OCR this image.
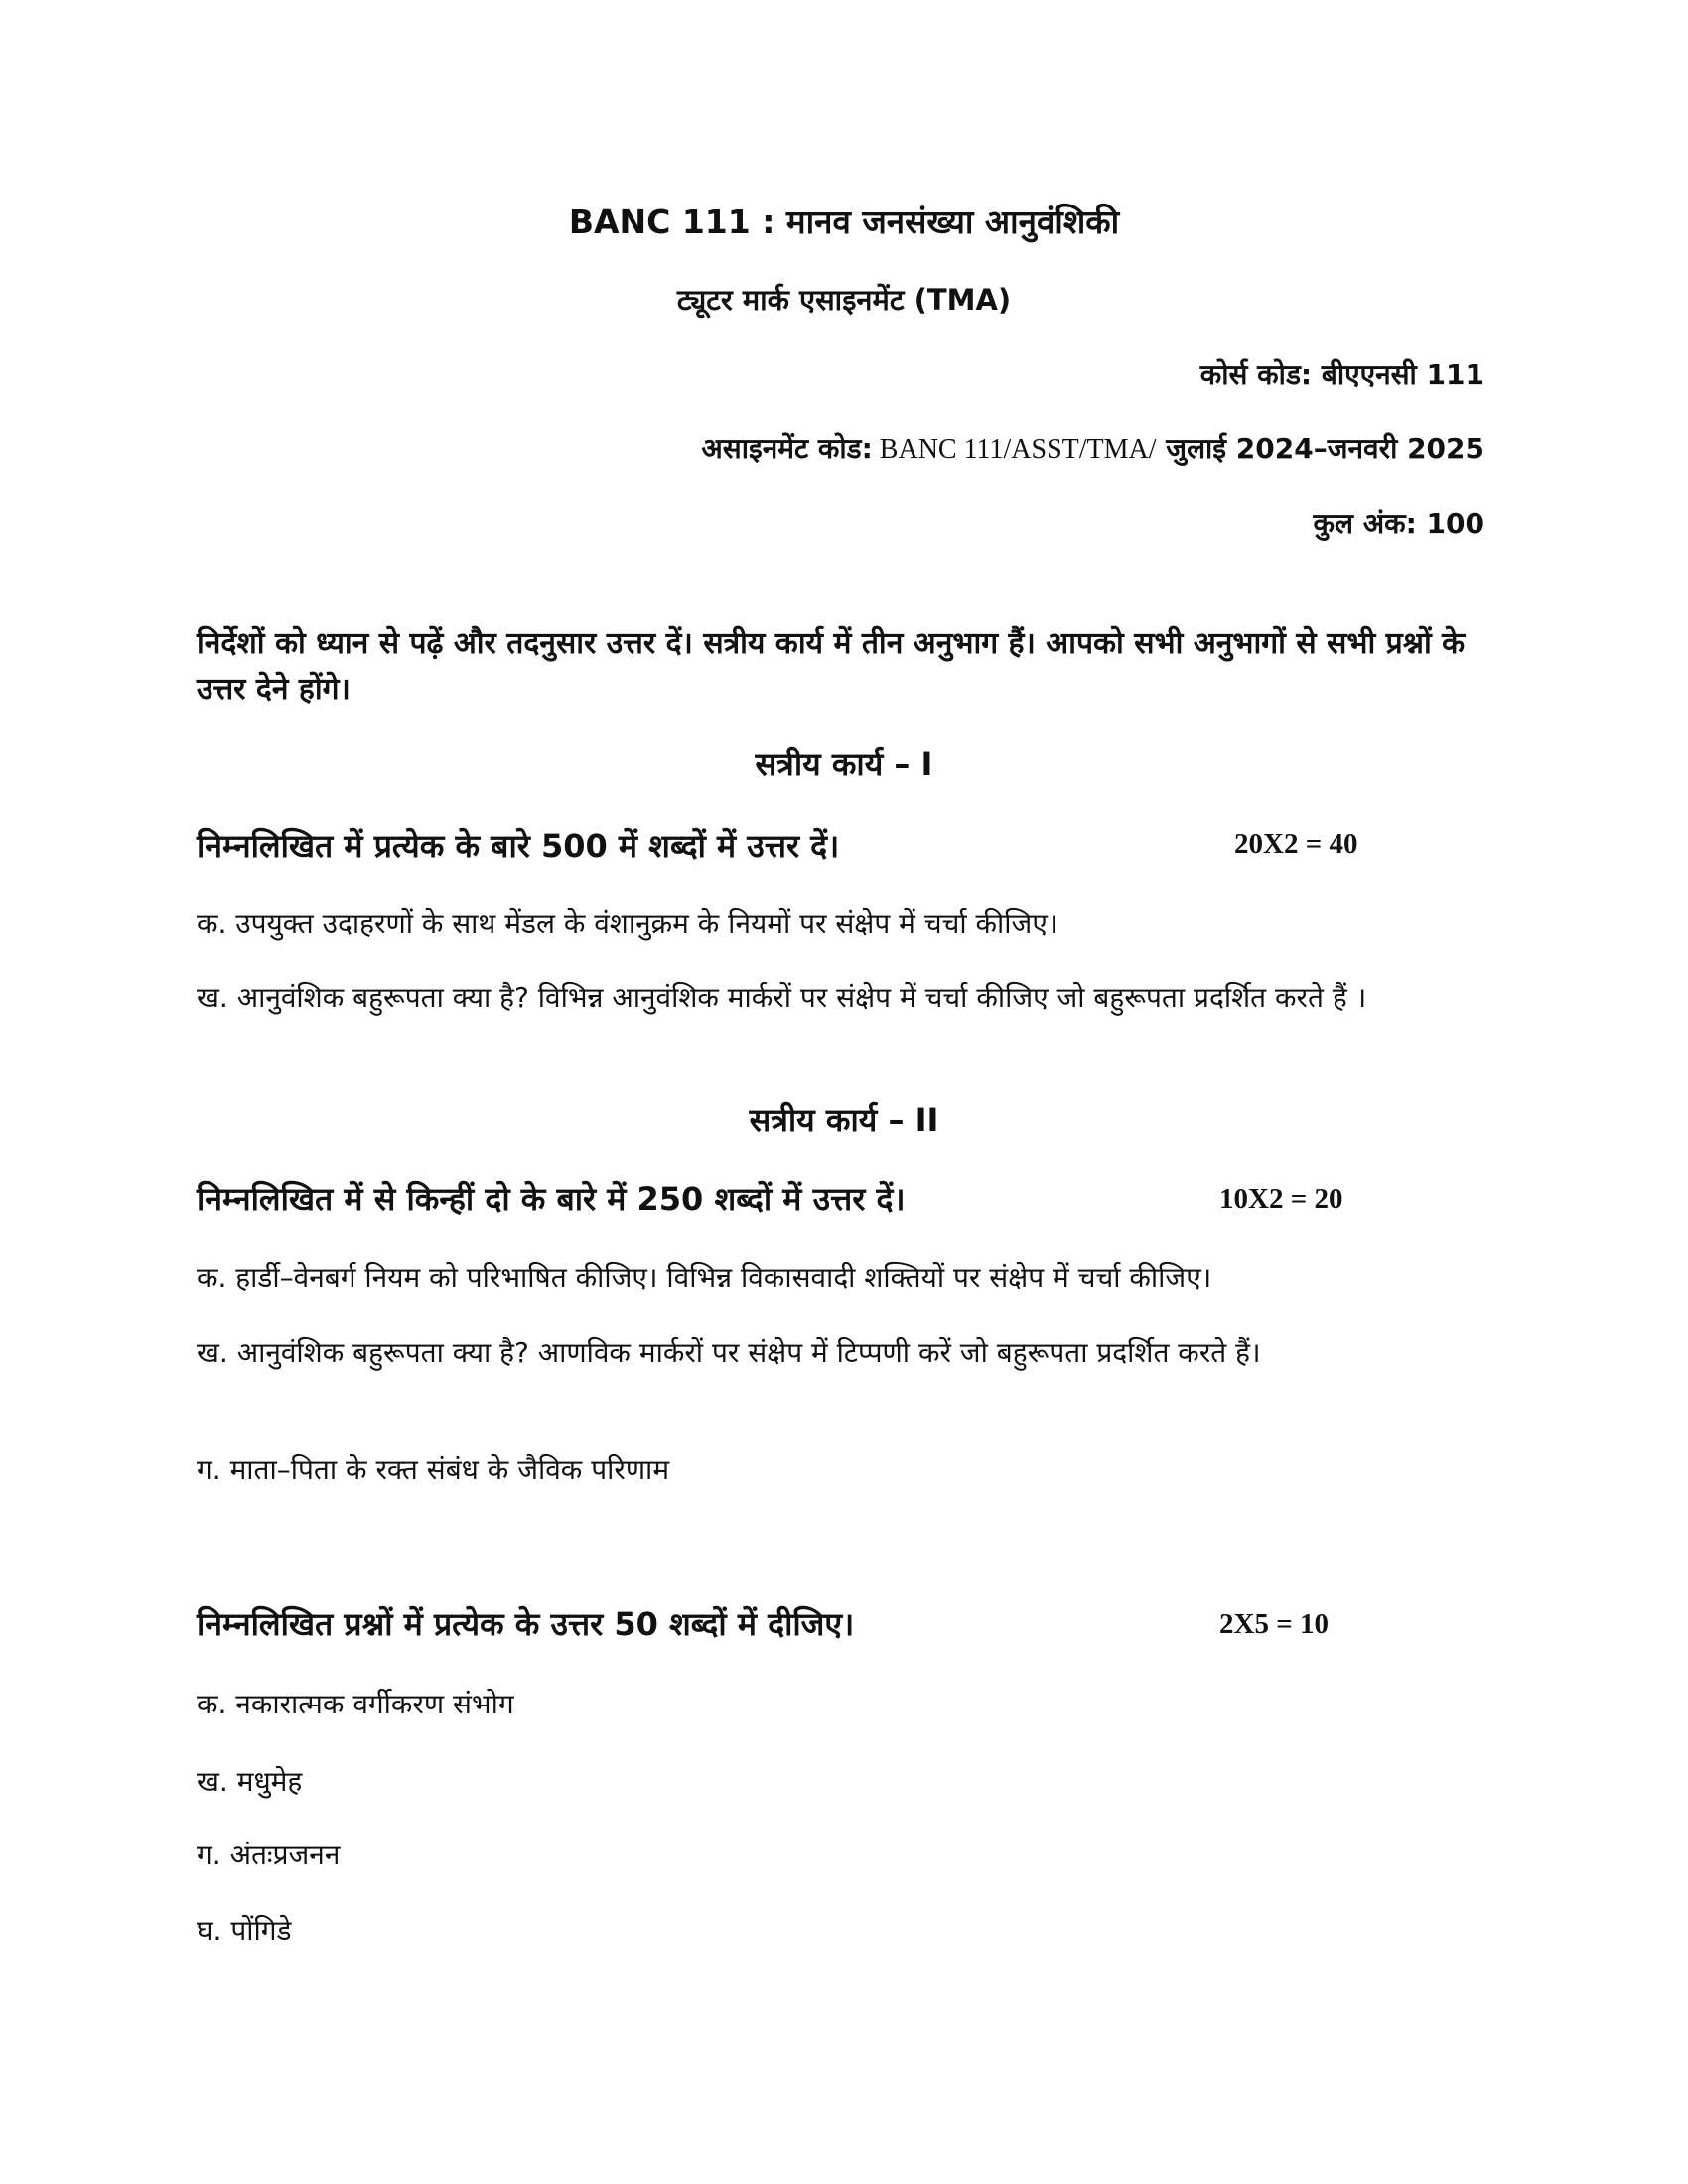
BANC 111 : मानव जनसंख्या आनुवंशिकी
ट्यूटर मार्क एसाइनमेंट (TMA)
कोर्स कोड: बीएएनसी 111
असाइनमेंट कोड: BANC 111/ASST/TMA/ जुलाई 2024–जनवरी 2025
कुल अंक: 100
निर्देशों को ध्यान से पढ़ें और तदनुसार उत्तर दें। सत्रीय कार्य में तीन अनुभाग हैं। आपको सभी अनुभागों से सभी प्रश्नों के उत्तर देने होंगे।
सत्रीय कार्य – I
निम्नलिखित में प्रत्येक के बारे 500 में शब्दों में उत्तर दें।	20X2 = 40
क. उपयुक्त उदाहरणों के साथ मेंडल के वंशानुक्रम के नियमों पर संक्षेप में चर्चा कीजिए।
ख. आनुवंशिक बहुरूपता क्या है? विभिन्न आनुवंशिक मार्करों पर संक्षेप में चर्चा कीजिए जो बहुरूपता प्रदर्शित करते हैं ।
सत्रीय कार्य – II
निम्नलिखित में से किन्हीं दो के बारे में 250 शब्दों में उत्तर दें।	10X2 = 20
क. हार्डी–वेनबर्ग नियम को परिभाषित कीजिए। विभिन्न विकासवादी शक्तियों पर संक्षेप में चर्चा कीजिए।
ख. आनुवंशिक बहुरूपता क्या है? आणविक मार्करों पर संक्षेप में टिप्पणी करें जो बहुरूपता प्रदर्शित करते हैं।
ग. माता–पिता के रक्त संबंध के जैविक परिणाम
निम्नलिखित प्रश्नों में प्रत्येक के उत्तर 50 शब्दों में दीजिए।	2X5 = 10
क. नकारात्मक वर्गीकरण संभोग
ख. मधुमेह
ग. अंतःप्रजनन
घ. पोंगिडे
